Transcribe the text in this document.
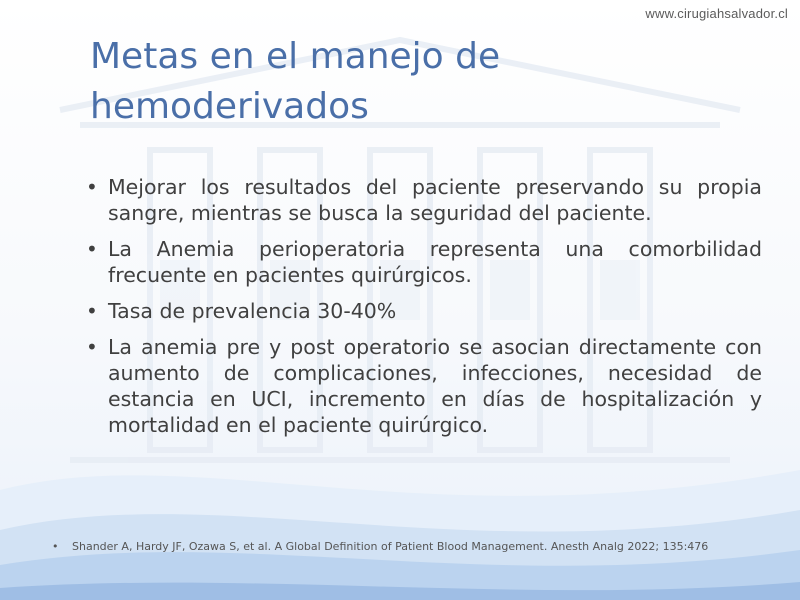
www.cirugiahsalvador.cl
Metas en el manejo de hemoderivados
• Mejorar los resultados del paciente preservando su propia sangre, mientras se busca la seguridad del paciente.
• La Anemia perioperatoria representa una comorbilidad frecuente en pacientes quirúrgicos.
• Tasa de prevalencia 30-40%
• La anemia pre y post operatorio se asocian directamente con aumento de complicaciones, infecciones, necesidad de estancia en UCI, incremento en días de hospitalización y mortalidad en el paciente quirúrgico.
• Shander A, Hardy JF, Ozawa S, et al. A Global Definition of Patient Blood Management. Anesth Analg 2022; 135:476
